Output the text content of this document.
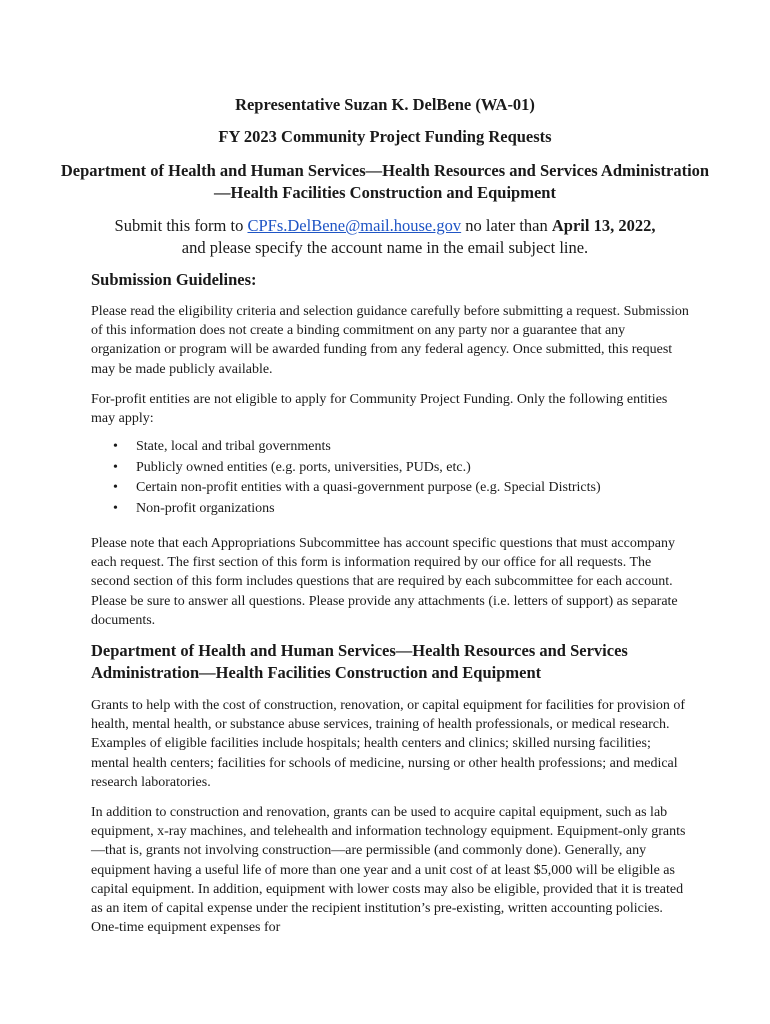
Representative Suzan K. DelBene (WA-01)
FY 2023 Community Project Funding Requests
Department of Health and Human Services—Health Resources and Services Administration—Health Facilities Construction and Equipment
Submit this form to CPFs.DelBene@mail.house.gov no later than April 13, 2022,
and please specify the account name in the email subject line.
Submission Guidelines:

Please read the eligibility criteria and selection guidance carefully before submitting a request. Submission of this information does not create a binding commitment on any party nor a guarantee that any organization or program will be awarded funding from any federal agency. Once submitted, this request may be made publicly available.

For-profit entities are not eligible to apply for Community Project Funding. Only the following entities may apply:

• State, local and tribal governments
• Publicly owned entities (e.g. ports, universities, PUDs, etc.)
• Certain non-profit entities with a quasi-government purpose (e.g. Special Districts)
• Non-profit organizations

Please note that each Appropriations Subcommittee has account specific questions that must accompany each request. The first section of this form is information required by our office for all requests. The second section of this form includes questions that are required by each subcommittee for each account. Please be sure to answer all questions. Please provide any attachments (i.e. letters of support) as separate documents.

Department of Health and Human Services—Health Resources and Services Administration—Health Facilities Construction and Equipment

Grants to help with the cost of construction, renovation, or capital equipment for facilities for provision of health, mental health, or substance abuse services, training of health professionals, or medical research. Examples of eligible facilities include hospitals; health centers and clinics; skilled nursing facilities; mental health centers; facilities for schools of medicine, nursing or other health professions; and medical research laboratories.

In addition to construction and renovation, grants can be used to acquire capital equipment, such as lab equipment, x-ray machines, and telehealth and information technology equipment. Equipment-only grants—that is, grants not involving construction—are permissible (and commonly done). Generally, any equipment having a useful life of more than one year and a unit cost of at least $5,000 will be eligible as capital equipment. In addition, equipment with lower costs may also be eligible, provided that it is treated as an item of capital expense under the recipient institution’s pre-existing, written accounting policies. One-time equipment expenses for
